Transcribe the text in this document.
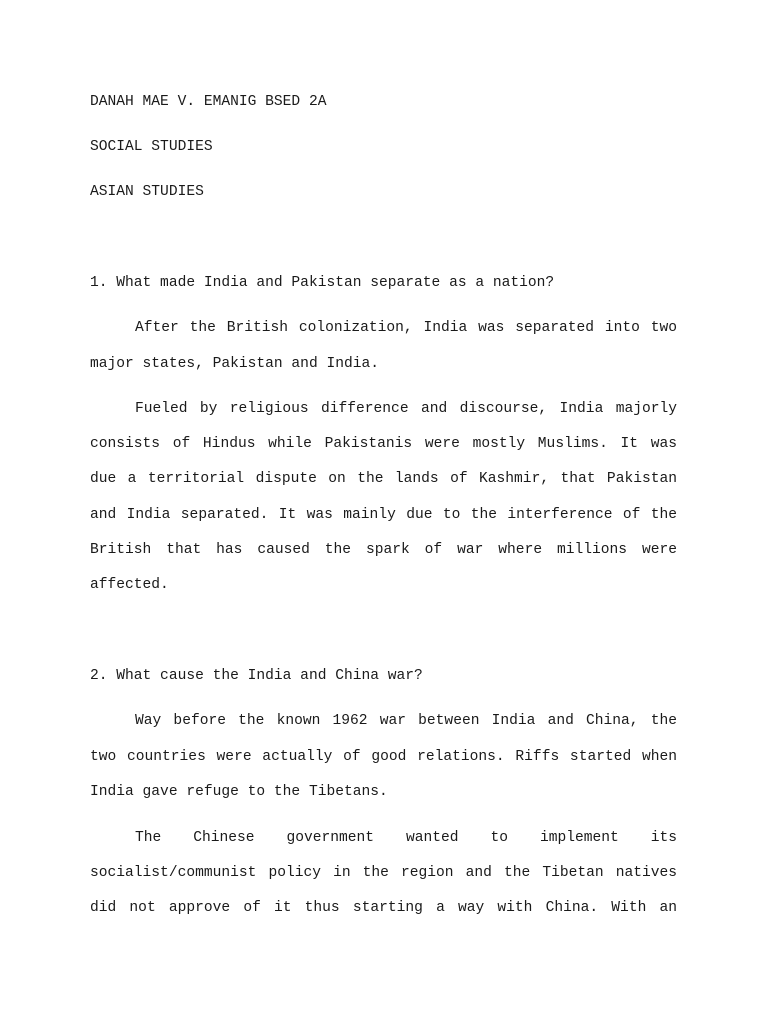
DANAH MAE V. EMANIG BSED 2A
SOCIAL STUDIES
ASIAN STUDIES
1. What made India and Pakistan separate as a nation?
After the British colonization, India was separated into two
major states, Pakistan and India.
Fueled by religious difference and discourse, India majorly
consists of Hindus while Pakistanis were mostly Muslims. It was
due a territorial dispute on the lands of Kashmir, that Pakistan
and India separated. It was mainly due to the interference of the
British that has caused the spark of war where millions were
affected.
2. What cause the India and China war?
Way before the known 1962 war between India and China, the
two countries were actually of good relations. Riffs started when
India gave refuge to the Tibetans.
The Chinese government wanted to implement its
socialist/communist policy in the region and the Tibetan natives
did not approve of it thus starting a way with China. With an
